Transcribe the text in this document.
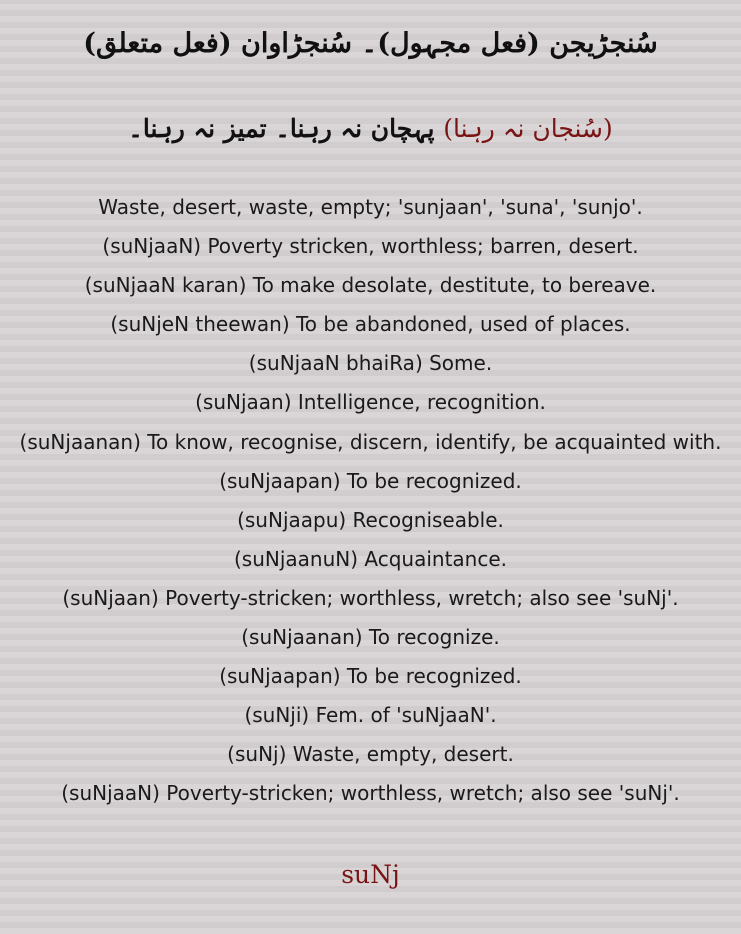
سُنجڑیجن (فعل مجہول)۔ سُنجڑاوان (فعل متعلق)
(سُنجان نہ رہنا) پہچان نہ رہنا۔ تمیز نہ رہنا۔

Waste, desert, waste, empty; 'sunjaan', 'suna', 'sunjo'.

(suNjaaN) Poverty stricken, worthless; barren, desert.

(suNjaaN karan) To make desolate, destitute, to bereave.

(suNjeN theewan) To be abandoned, used of places.

(suNjaaN bhaiRa) Some.

(suNjaan) Intelligence, recognition.

(suNjaanan) To know, recognise, discern, identify, be acquainted with.

(suNjaapan) To be recognized.

(suNjaapu) Recogniseable.

(suNjaanuN) Acquaintance.

(suNjaan) Poverty-stricken; worthless, wretch; also see 'suNj'.

(suNjaanan) To recognize.

(suNjaapan) To be recognized.

(suNji) Fem. of 'suNjaaN'.

(suNj) Waste, empty, desert.

(suNjaaN) Poverty-stricken; worthless, wretch; also see 'suNj'.

suNj
